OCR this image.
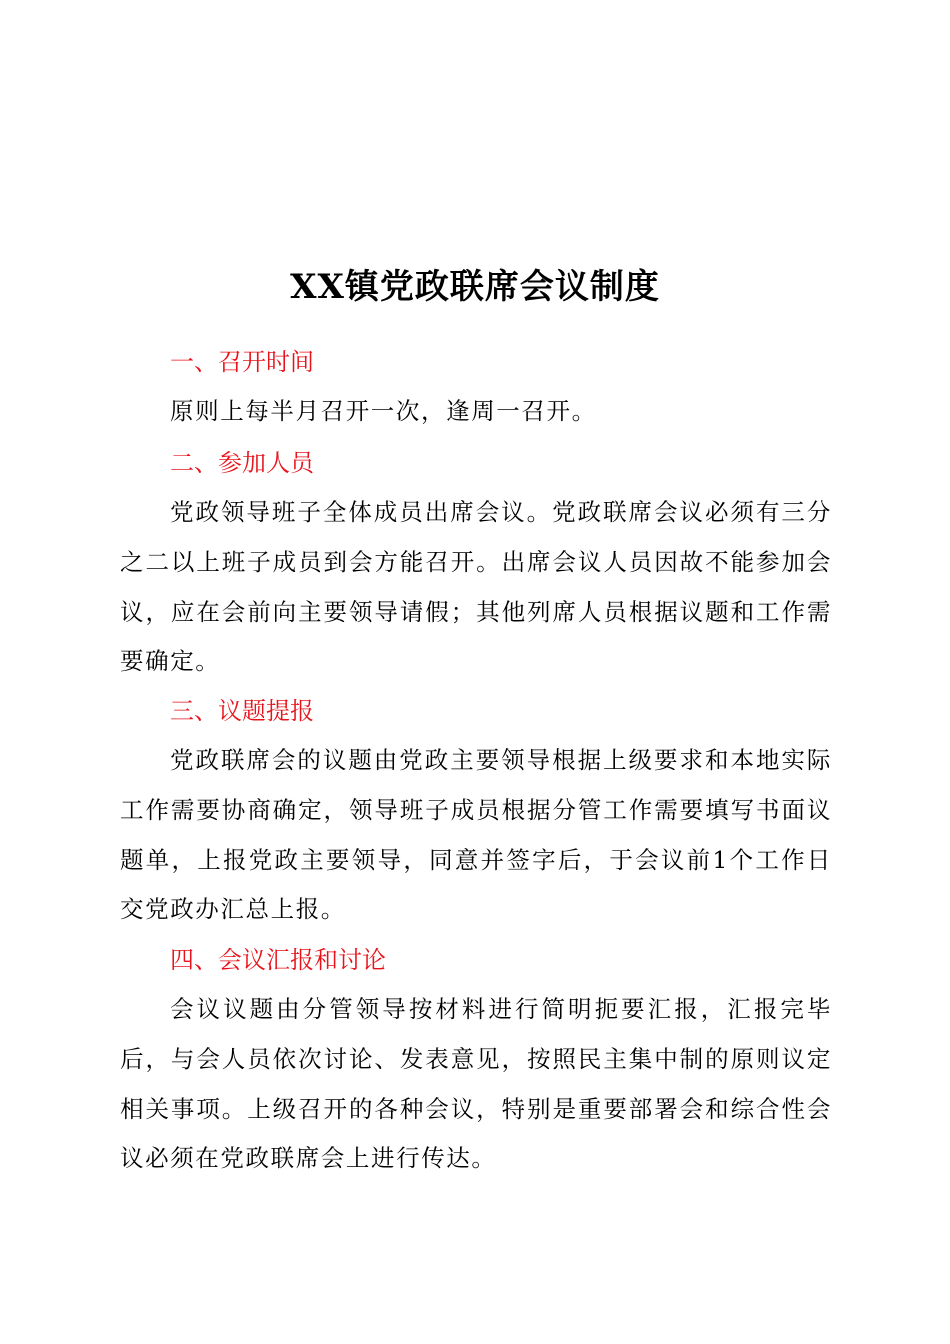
XX镇党政联席会议制度
一、召开时间

原则上每半月召开一次，逢周一召开。

二、参加人员

党政领导班子全体成员出席会议。党政联席会议必须有三分之二以上班子成员到会方能召开。出席会议人员因故不能参加会议，应在会前向主要领导请假；其他列席人员根据议题和工作需要确定。

三、议题提报

党政联席会的议题由党政主要领导根据上级要求和本地实际工作需要协商确定，领导班子成员根据分管工作需要填写书面议题单，上报党政主要领导，同意并签字后，于会议前1个工作日交党政办汇总上报。

四、会议汇报和讨论

会议议题由分管领导按材料进行简明扼要汇报，汇报完毕后，与会人员依次讨论、发表意见，按照民主集中制的原则议定相关事项。上级召开的各种会议，特别是重要部署会和综合性会议必须在党政联席会上进行传达。
